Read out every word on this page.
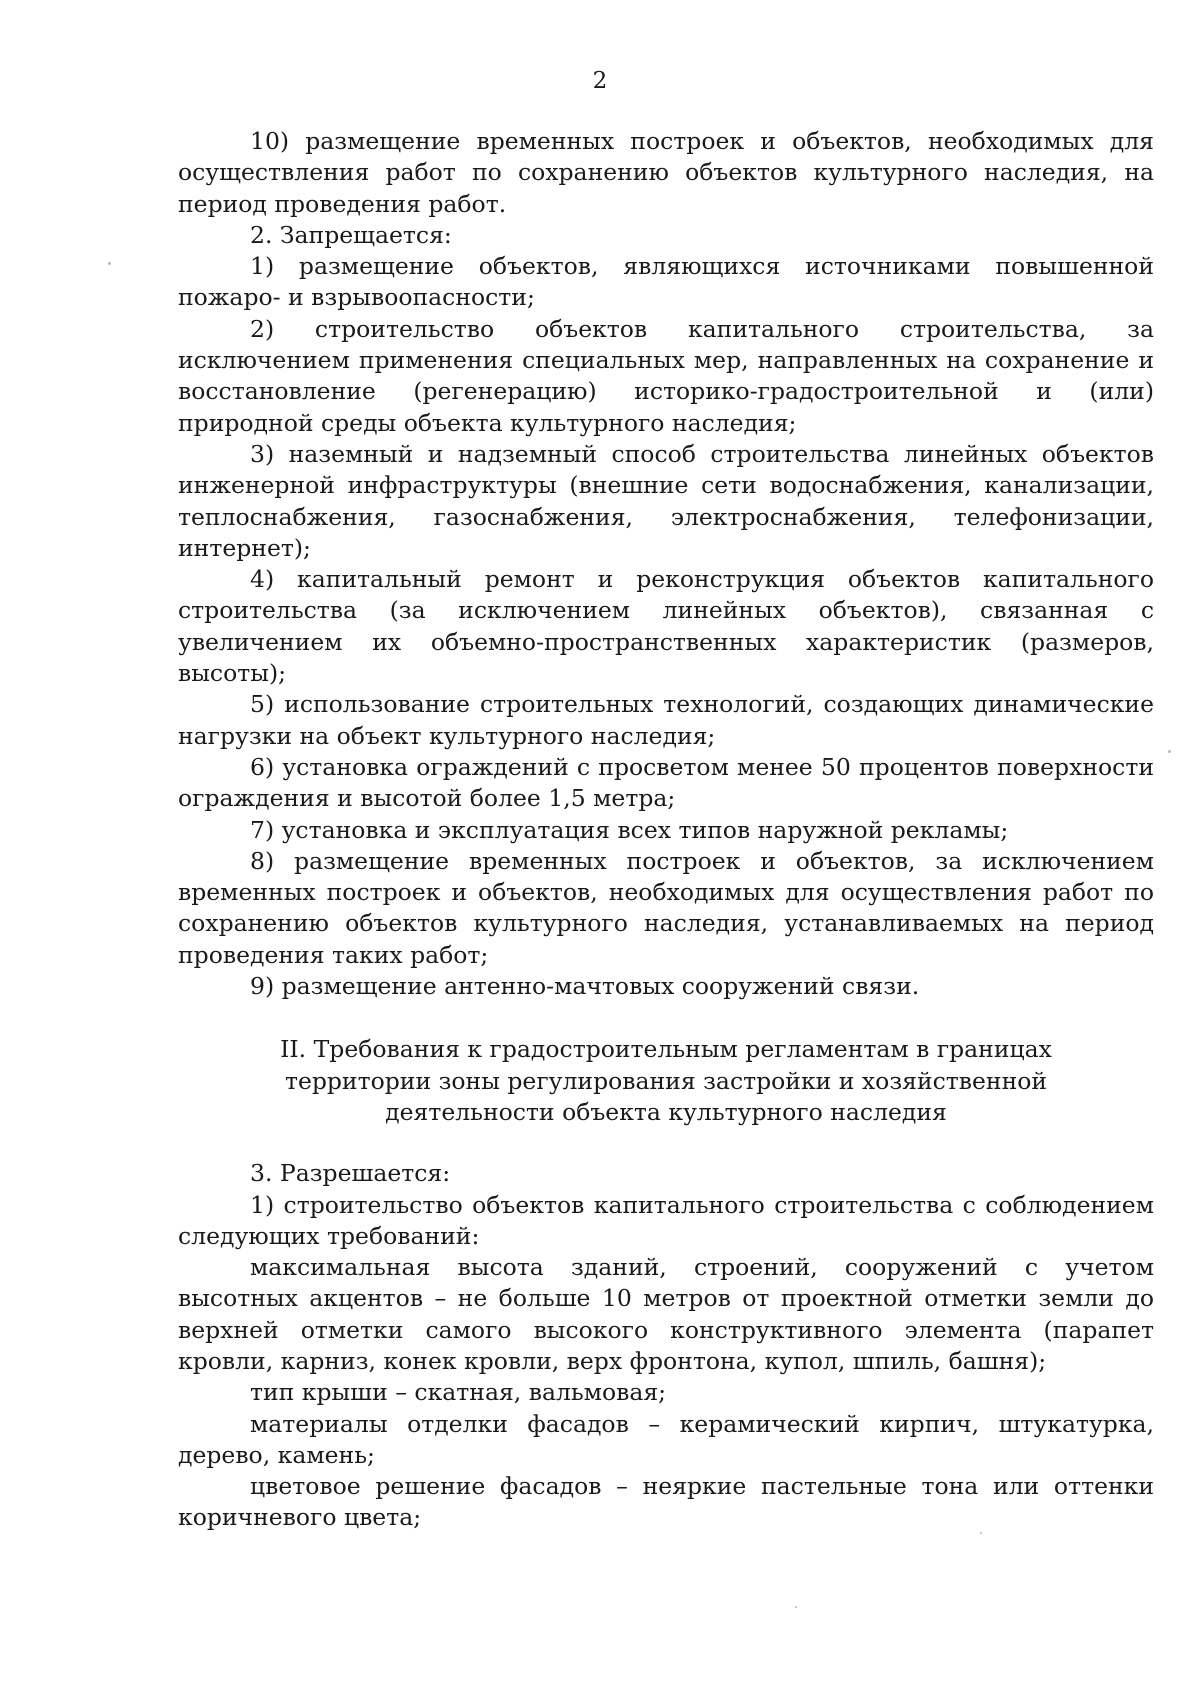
2

10) размещение временных построек и объектов, необходимых для осуществления работ по сохранению объектов культурного наследия, на период проведения работ.

2. Запрещается:

1) размещение объектов, являющихся источниками повышенной пожаро- и взрывоопасности;

2) строительство объектов капитального строительства, за исключением применения специальных мер, направленных на сохранение и восстановление (регенерацию) историко-градостроительной и (или) природной среды объекта культурного наследия;

3) наземный и надземный способ строительства линейных объектов инженерной инфраструктуры (внешние сети водоснабжения, канализации, теплоснабжения, газоснабжения, электроснабжения, телефонизации, интернет);

4) капитальный ремонт и реконструкция объектов капитального строительства (за исключением линейных объектов), связанная с увеличением их объемно-пространственных характеристик (размеров, высоты);

5) использование строительных технологий, создающих динамические нагрузки на объект культурного наследия;

6) установка ограждений с просветом менее 50 процентов поверхности ограждения и высотой более 1,5 метра;

7) установка и эксплуатация всех типов наружной рекламы;

8) размещение временных построек и объектов, за исключением временных построек и объектов, необходимых для осуществления работ по сохранению объектов культурного наследия, устанавливаемых на период проведения таких работ;

9) размещение антенно-мачтовых сооружений связи.

II. Требования к градостроительным регламентам в границах
территории зоны регулирования застройки и хозяйственной
деятельности объекта культурного наследия

3. Разрешается:

1) строительство объектов капитального строительства с соблюдением следующих требований:

максимальная высота зданий, строений, сооружений с учетом высотных акцентов – не больше 10 метров от проектной отметки земли до верхней отметки самого высокого конструктивного элемента (парапет кровли, карниз, конек кровли, верх фронтона, купол, шпиль, башня);

тип крыши – скатная, вальмовая;

материалы отделки фасадов – керамический кирпич, штукатурка, дерево, камень;

цветовое решение фасадов – неяркие пастельные тона или оттенки коричневого цвета;
